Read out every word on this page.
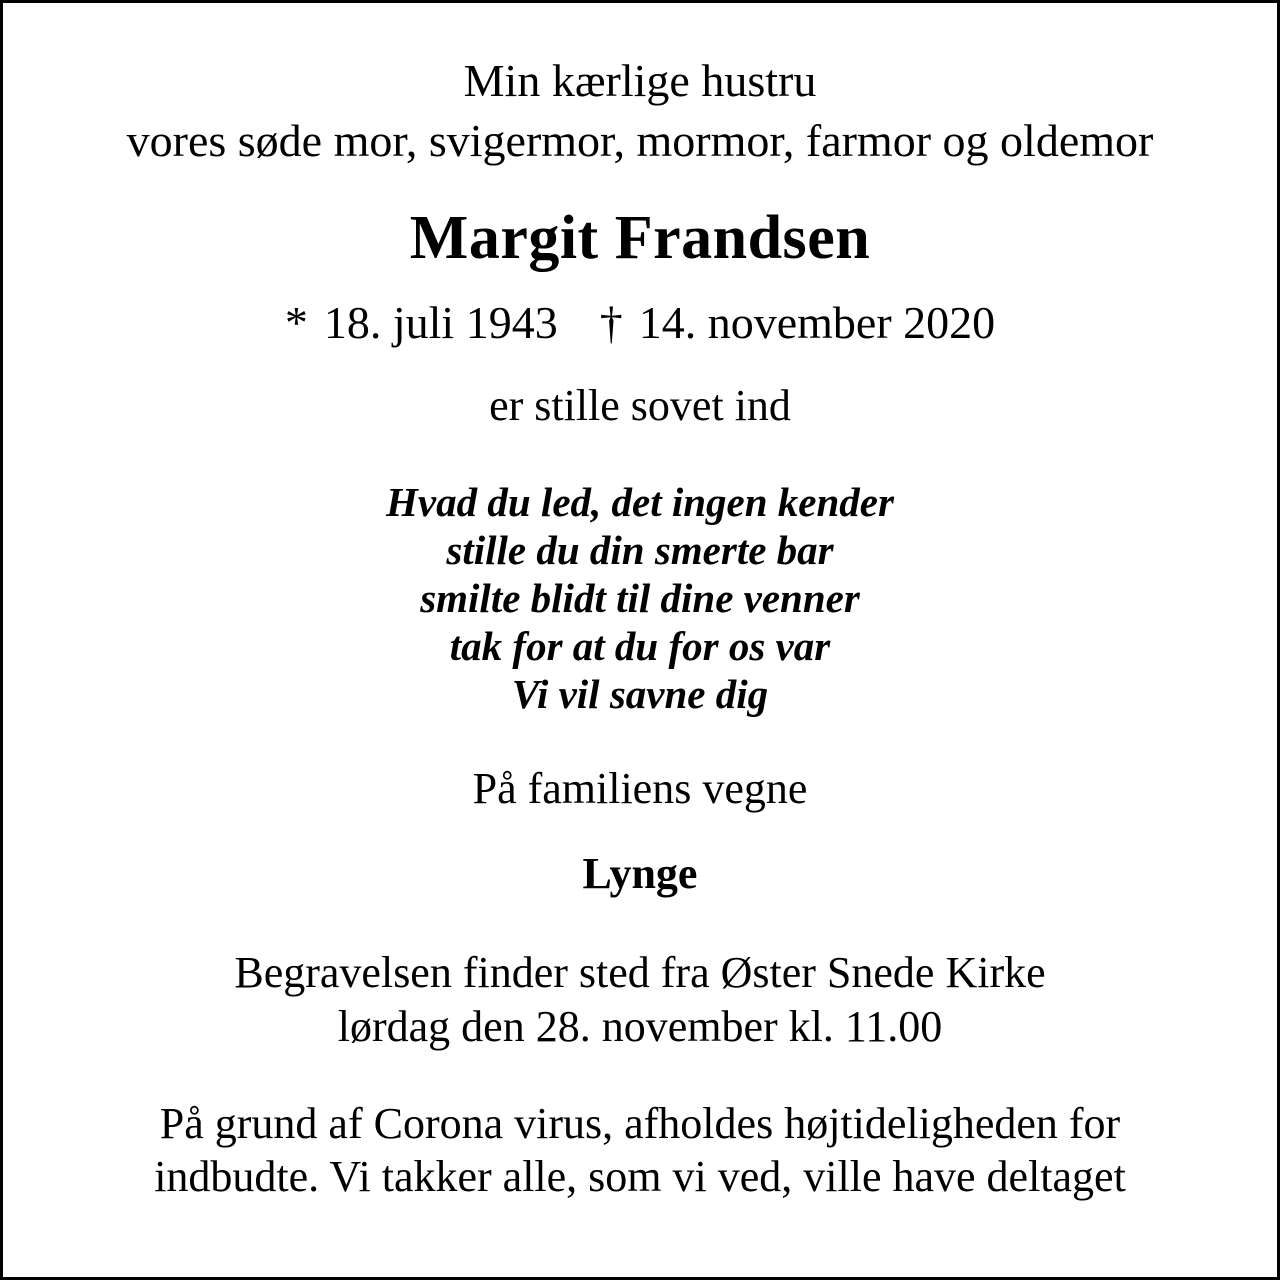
Min kærlige hustru
vores søde mor, svigermor, mormor, farmor og oldemor
Margit Frandsen
* 18. juli 1943 † 14. november 2020
er stille sovet ind
Hvad du led, det ingen kender
stille du din smerte bar
smilte blidt til dine venner
tak for at du for os var
Vi vil savne dig
På familiens vegne
Lynge
Begravelsen finder sted fra Øster Snede Kirke
lørdag den 28. november kl. 11.00
På grund af Corona virus, afholdes højtideligheden for
indbudte. Vi takker alle, som vi ved, ville have deltaget
